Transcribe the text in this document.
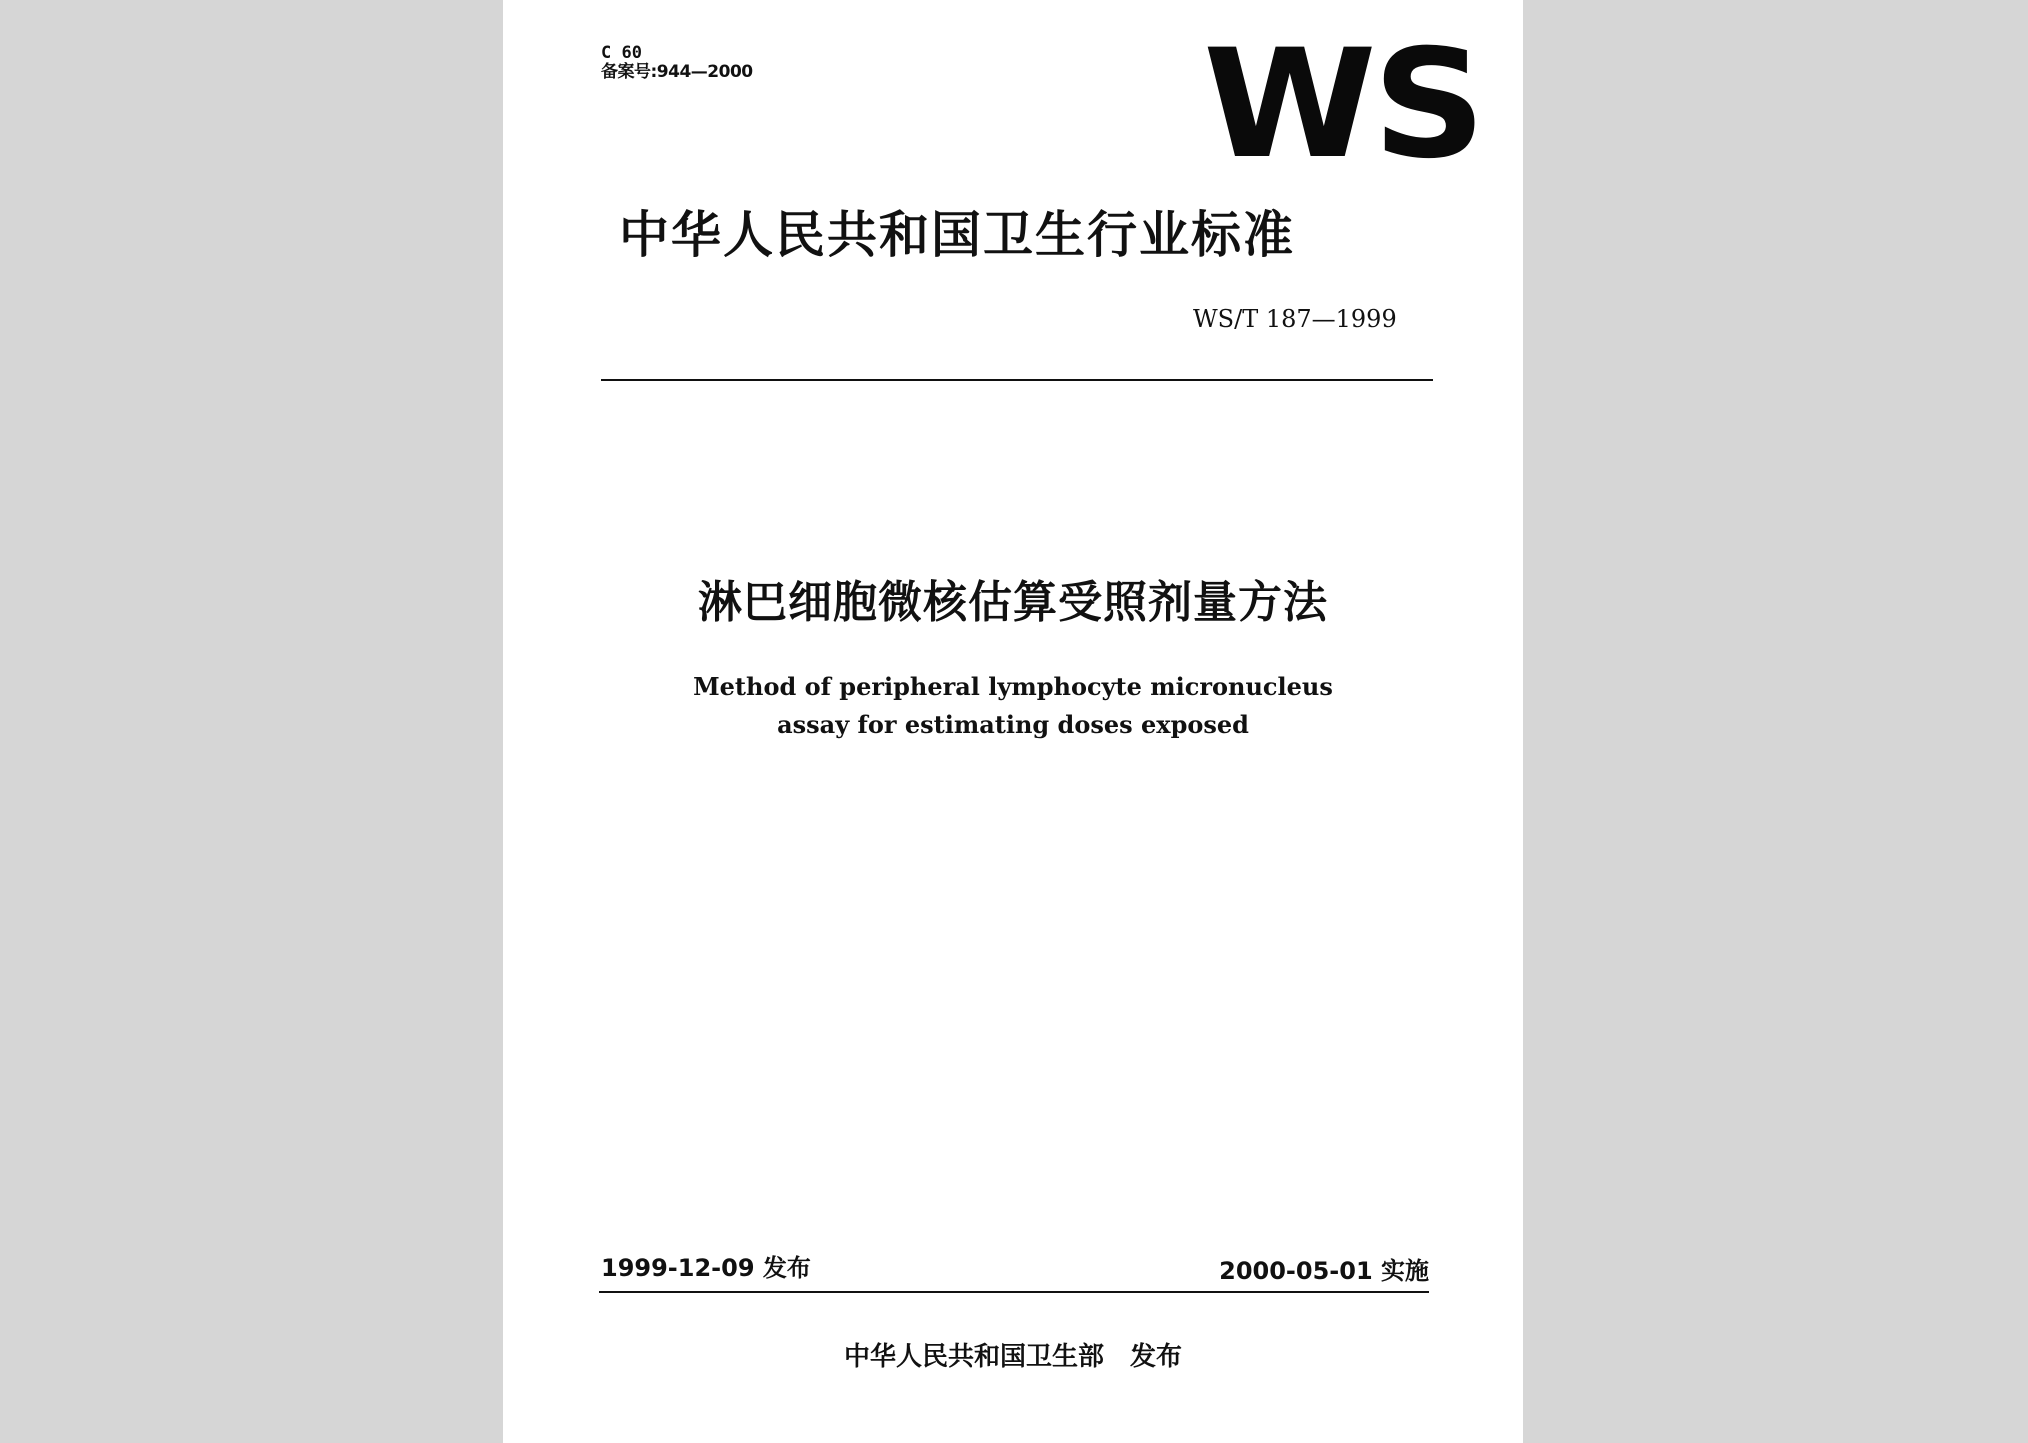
C 60
备案号:944—2000	WS
中华人民共和国卫生行业标准
WS/T 187—1999
淋巴细胞微核估算受照剂量方法
Method of peripheral lymphocyte micronucleus
assay for estimating doses exposed
1999-12-09 发布	2000-05-01 实施
中华人民共和国卫生部　发布
